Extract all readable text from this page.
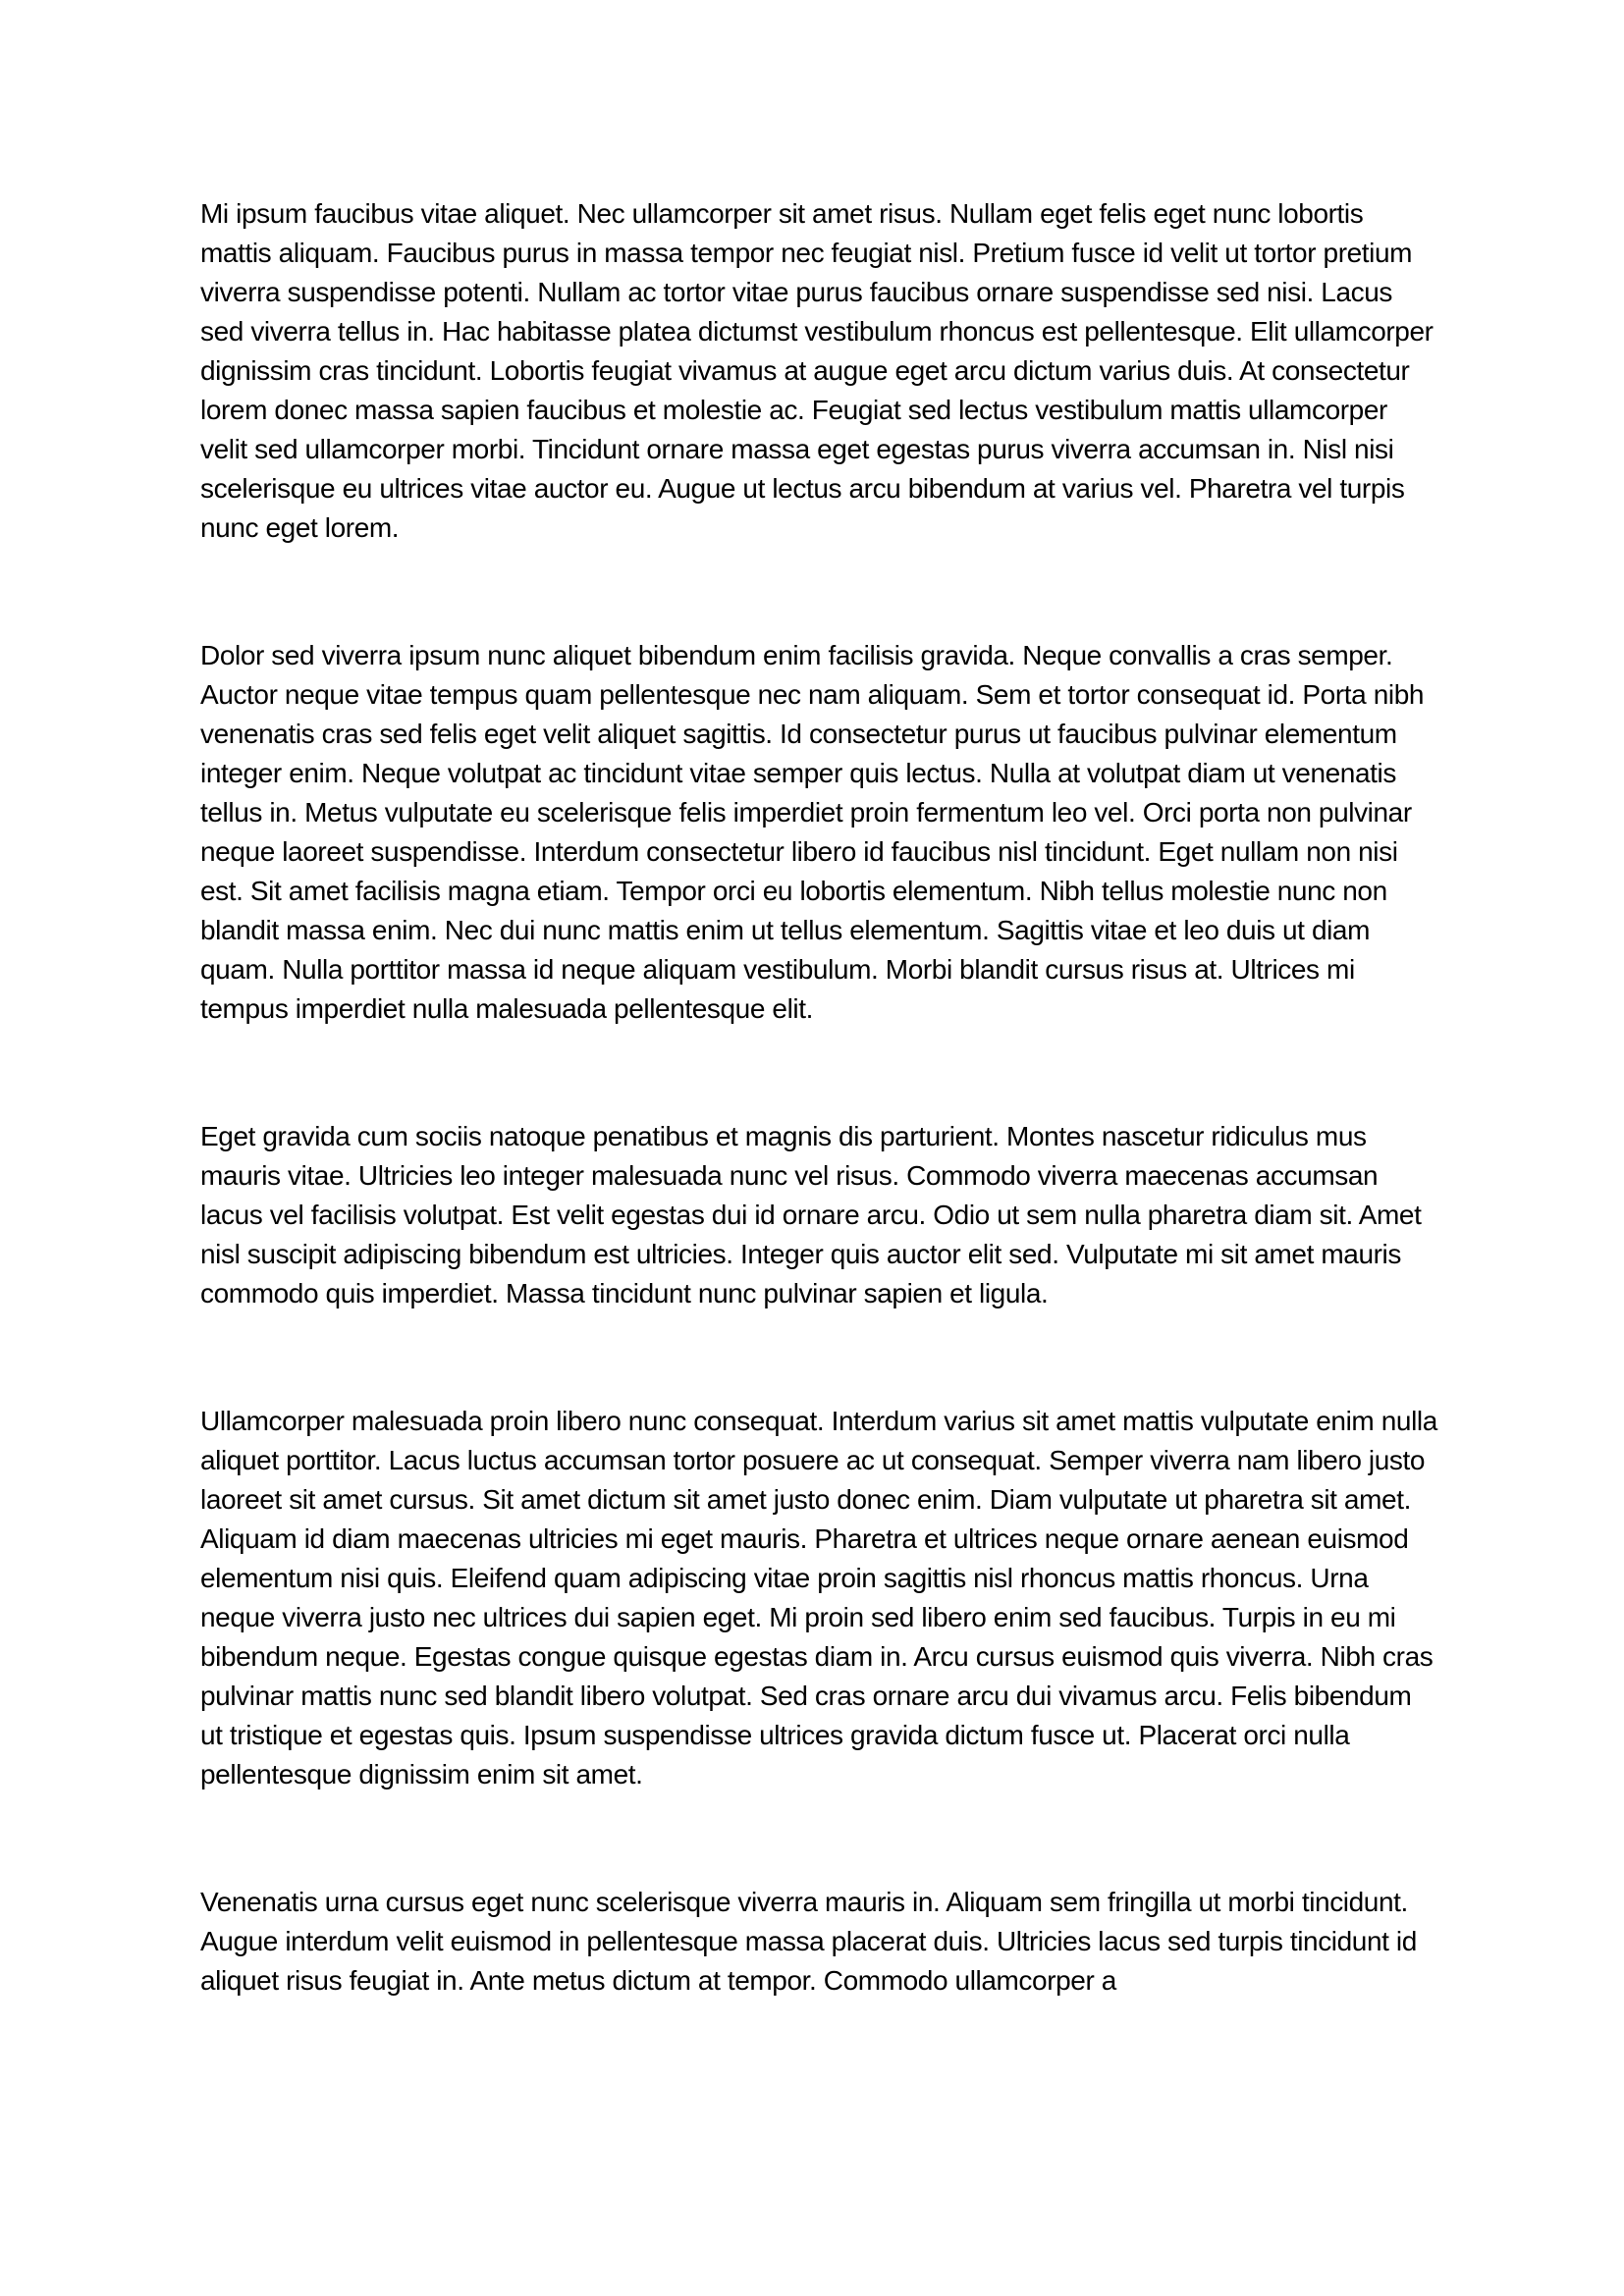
Mi ipsum faucibus vitae aliquet. Nec ullamcorper sit amet risus. Nullam eget felis eget nunc lobortis mattis aliquam. Faucibus purus in massa tempor nec feugiat nisl. Pretium fusce id velit ut tortor pretium viverra suspendisse potenti. Nullam ac tortor vitae purus faucibus ornare suspendisse sed nisi. Lacus sed viverra tellus in. Hac habitasse platea dictumst vestibulum rhoncus est pellentesque. Elit ullamcorper dignissim cras tincidunt. Lobortis feugiat vivamus at augue eget arcu dictum varius duis. At consectetur lorem donec massa sapien faucibus et molestie ac. Feugiat sed lectus vestibulum mattis ullamcorper velit sed ullamcorper morbi. Tincidunt ornare massa eget egestas purus viverra accumsan in. Nisl nisi scelerisque eu ultrices vitae auctor eu. Augue ut lectus arcu bibendum at varius vel. Pharetra vel turpis nunc eget lorem.

Dolor sed viverra ipsum nunc aliquet bibendum enim facilisis gravida. Neque convallis a cras semper. Auctor neque vitae tempus quam pellentesque nec nam aliquam. Sem et tortor consequat id. Porta nibh venenatis cras sed felis eget velit aliquet sagittis. Id consectetur purus ut faucibus pulvinar elementum integer enim. Neque volutpat ac tincidunt vitae semper quis lectus. Nulla at volutpat diam ut venenatis tellus in. Metus vulputate eu scelerisque felis imperdiet proin fermentum leo vel. Orci porta non pulvinar neque laoreet suspendisse. Interdum consectetur libero id faucibus nisl tincidunt. Eget nullam non nisi est. Sit amet facilisis magna etiam. Tempor orci eu lobortis elementum. Nibh tellus molestie nunc non blandit massa enim. Nec dui nunc mattis enim ut tellus elementum. Sagittis vitae et leo duis ut diam quam. Nulla porttitor massa id neque aliquam vestibulum. Morbi blandit cursus risus at. Ultrices mi tempus imperdiet nulla malesuada pellentesque elit.

Eget gravida cum sociis natoque penatibus et magnis dis parturient. Montes nascetur ridiculus mus mauris vitae. Ultricies leo integer malesuada nunc vel risus. Commodo viverra maecenas accumsan lacus vel facilisis volutpat. Est velit egestas dui id ornare arcu. Odio ut sem nulla pharetra diam sit. Amet nisl suscipit adipiscing bibendum est ultricies. Integer quis auctor elit sed. Vulputate mi sit amet mauris commodo quis imperdiet. Massa tincidunt nunc pulvinar sapien et ligula.

Ullamcorper malesuada proin libero nunc consequat. Interdum varius sit amet mattis vulputate enim nulla aliquet porttitor. Lacus luctus accumsan tortor posuere ac ut consequat. Semper viverra nam libero justo laoreet sit amet cursus. Sit amet dictum sit amet justo donec enim. Diam vulputate ut pharetra sit amet. Aliquam id diam maecenas ultricies mi eget mauris. Pharetra et ultrices neque ornare aenean euismod elementum nisi quis. Eleifend quam adipiscing vitae proin sagittis nisl rhoncus mattis rhoncus. Urna neque viverra justo nec ultrices dui sapien eget. Mi proin sed libero enim sed faucibus. Turpis in eu mi bibendum neque. Egestas congue quisque egestas diam in. Arcu cursus euismod quis viverra. Nibh cras pulvinar mattis nunc sed blandit libero volutpat. Sed cras ornare arcu dui vivamus arcu. Felis bibendum ut tristique et egestas quis. Ipsum suspendisse ultrices gravida dictum fusce ut. Placerat orci nulla pellentesque dignissim enim sit amet.

Venenatis urna cursus eget nunc scelerisque viverra mauris in. Aliquam sem fringilla ut morbi tincidunt. Augue interdum velit euismod in pellentesque massa placerat duis. Ultricies lacus sed turpis tincidunt id aliquet risus feugiat in. Ante metus dictum at tempor. Commodo ullamcorper a
